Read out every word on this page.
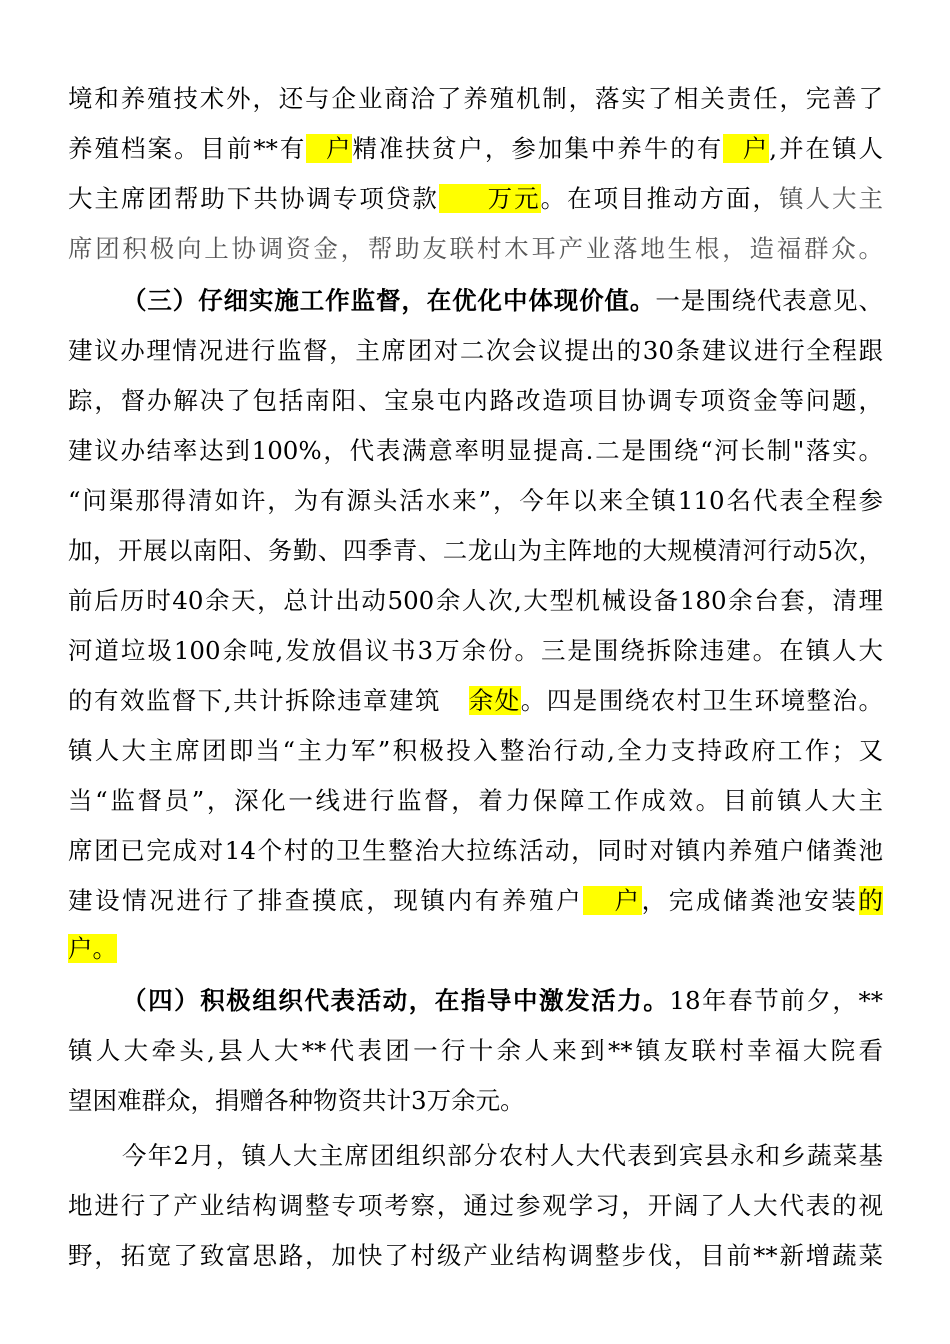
境和养殖技术外，还与企业商洽了养殖机制，落实了相关责任，完善了
养殖档案。目前**有  户精准扶贫户，参加集中养牛的有  户,并在镇人
大主席团帮助下共协调专项贷款     万元。在项目推动方面，镇人大主
席团积极向上协调资金，帮助友联村木耳产业落地生根，造福群众。
（三）仔细实施工作监督，在优化中体现价值。一是围绕代表意见、
建议办理情况进行监督，主席团对二次会议提出的30条建议进行全程跟
踪，督办解决了包括南阳、宝泉屯内路改造项目协调专项资金等问题，
建议办结率达到100%，代表满意率明显提高.二是围绕“河长制"落实。
“问渠那得清如许，为有源头活水来”，今年以来全镇110名代表全程参
加，开展以南阳、务勤、四季青、二龙山为主阵地的大规模清河行动5次，
前后历时40余天，总计出动500余人次,大型机械设备180余台套，清理
河道垃圾100余吨,发放倡议书3万余份。三是围绕拆除违建。在镇人大
的有效监督下,共计拆除违章建筑   余处。四是围绕农村卫生环境整治。
镇人大主席团即当“主力军”积极投入整治行动,全力支持政府工作；又
当“监督员”，深化一线进行监督，着力保障工作成效。目前镇人大主
席团已完成对14个村的卫生整治大拉练活动，同时对镇内养殖户储粪池
建设情况进行了排查摸底，现镇内有养殖户   户，完成储粪池安装的
户。
（四）积极组织代表活动，在指导中激发活力。18年春节前夕，**
镇人大牵头,县人大**代表团一行十余人来到**镇友联村幸福大院看
望困难群众，捐赠各种物资共计3万余元。
今年2月，镇人大主席团组织部分农村人大代表到宾县永和乡蔬菜基
地进行了产业结构调整专项考察，通过参观学习，开阔了人大代表的视
野，拓宽了致富思路，加快了村级产业结构调整步伐，目前**新增蔬菜
